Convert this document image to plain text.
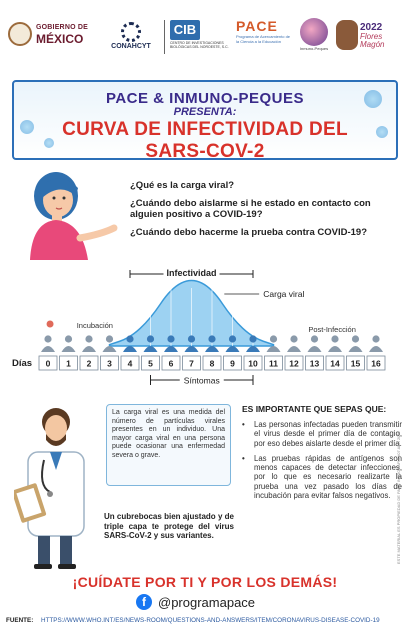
GOBIERNO DE
MÉXICO
CONAHCYT
CIB
CENTRO DE INVESTIGACIONES BIOLÓGICAS DEL NOROESTE, S.C.
PACE
Programa de Acercamiento de la Ciencia a la Educación
Inmuno-Peques
2022
Flores Magón
PACE & INMUNO-PEQUES
PRESENTA:
CURVA DE INFECTIVIDAD DEL
SARS-COV-2
¿Qué es la carga viral?
¿Cuándo debo aislarme si he estado en contacto con alguien positivo a COVID-19?
¿Cuándo debo hacerme la prueba contra COVID-19?
Infectividad
Carga viral
Incubación	Post-Infección
Días 0 1 2 3 4 5 6 7 8 9 10 11 12 13 14 15 16
Síntomas
La carga viral es una medida del número de partículas virales presentes en un individuo. Una mayor carga viral en una persona puede ocasionar una enfermedad severa o grave.
Un cubrebocas bien ajustado y de triple capa te protege del virus SARS-CoV-2 y sus variantes.
ES IMPORTANTE QUE SEPAS QUE:
•	Las personas infectadas pueden transmitir el virus desde el primer día de contagio, por eso debes aislarte desde el primer día.
•	Las pruebas rápidas de antígenos son menos capaces de detectar infecciones, por lo que es necesario realizarte la prueba una vez pasado los días de incubación para evitar falsos negativos.	ESTE MATERIAL ES PROPIEDAD DE PACE INFOGRAFIA #07 ABR 2022
¡CUÍDATE POR TI Y POR LOS DEMÁS!
f @programapace
FUENTE: HTTPS://WWW.WHO.INT/ES/NEWS-ROOM/QUESTIONS-AND-ANSWERS/ITEM/CORONAVIRUS-DISEASE-COVID-19
